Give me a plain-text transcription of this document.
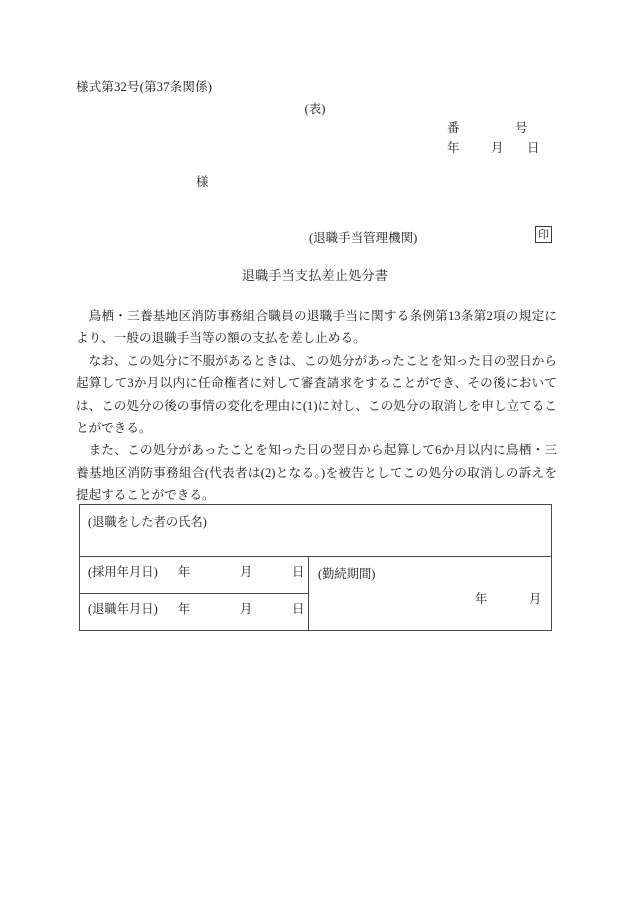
様式第32号(第37条関係)
(表)
番	号
年	月 日
様
(退職手当管理機関)	印
退職手当支払差止処分書

鳥栖・三養基地区消防事務組合職員の退職手当に関する条例第13条第2項の規定により、一般の退職手当等の額の支払を差し止める。

なお、この処分に不服があるときは、この処分があったことを知った日の翌日から起算して3か月以内に任命権者に対して審査請求をすることができ、その後においては、この処分の後の事情の変化を理由に(1)に対し、この処分の取消しを申し立てることができる。

また、この処分があったことを知った日の翌日から起算して6か月以内に鳥栖・三養基地区消防事務組合(代表者は(2)となる。)を被告としてこの処分の取消しの訴えを提起することができる。

(退職をした者の氏名)
(採用年月日) 年	月	日	(勤続期間)
年	月

(退職年月日) 年	月	日
